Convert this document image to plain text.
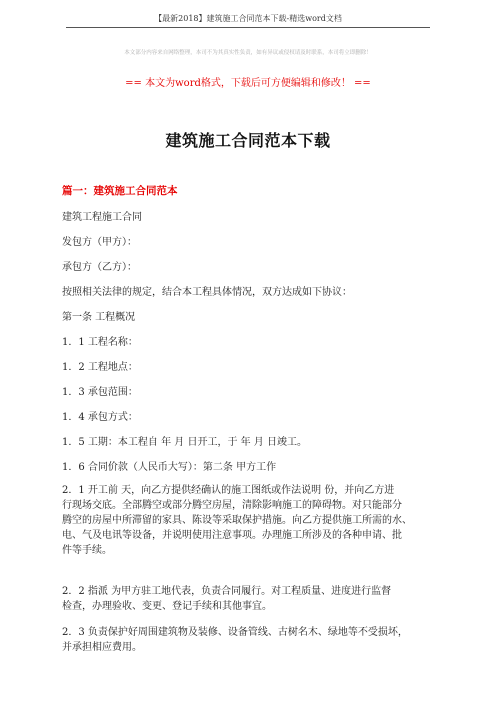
【最新2018】建筑施工合同范本下载-精选word文档
本文部分内容来自网络整理，本司不为其真实性负责，如有异议或侵权请及时联系，本司将立即删除！
== 本文为word格式，下载后可方便编辑和修改！ ==
建筑施工合同范本下载
篇一：建筑施工合同范本
建筑工程施工合同
发包方（甲方）：
承包方（乙方）：
按照相关法律的规定，结合本工程具体情况，双方达成如下协议：
第一条 工程概况
1．1 工程名称：
1．2 工程地点：
1．3 承包范围：
1．4 承包方式：
1．5 工期：本工程自 年 月 日开工，于 年 月 日竣工。
1．6 合同价款（人民币大写）：第二条 甲方工作
2．1 开工前 天，向乙方提供经确认的施工图纸或作法说明 份，并向乙方进
行现场交底。全部腾空或部分腾空房屋，清除影响施工的障碍物。对只能部分
腾空的房屋中所滞留的家具、陈设等采取保护措施。向乙方提供施工所需的水、
电、气及电讯等设备，并说明使用注意事项。办理施工所涉及的各种申请、批
件等手续。
2．2 指派 为甲方驻工地代表，负责合同履行。对工程质量、进度进行监督
检查，办理验收、变更、登记手续和其他事宜。
2．3 负责保护好周围建筑物及装修、设备管线、古树名木、绿地等不受损坏，
并承担相应费用。
